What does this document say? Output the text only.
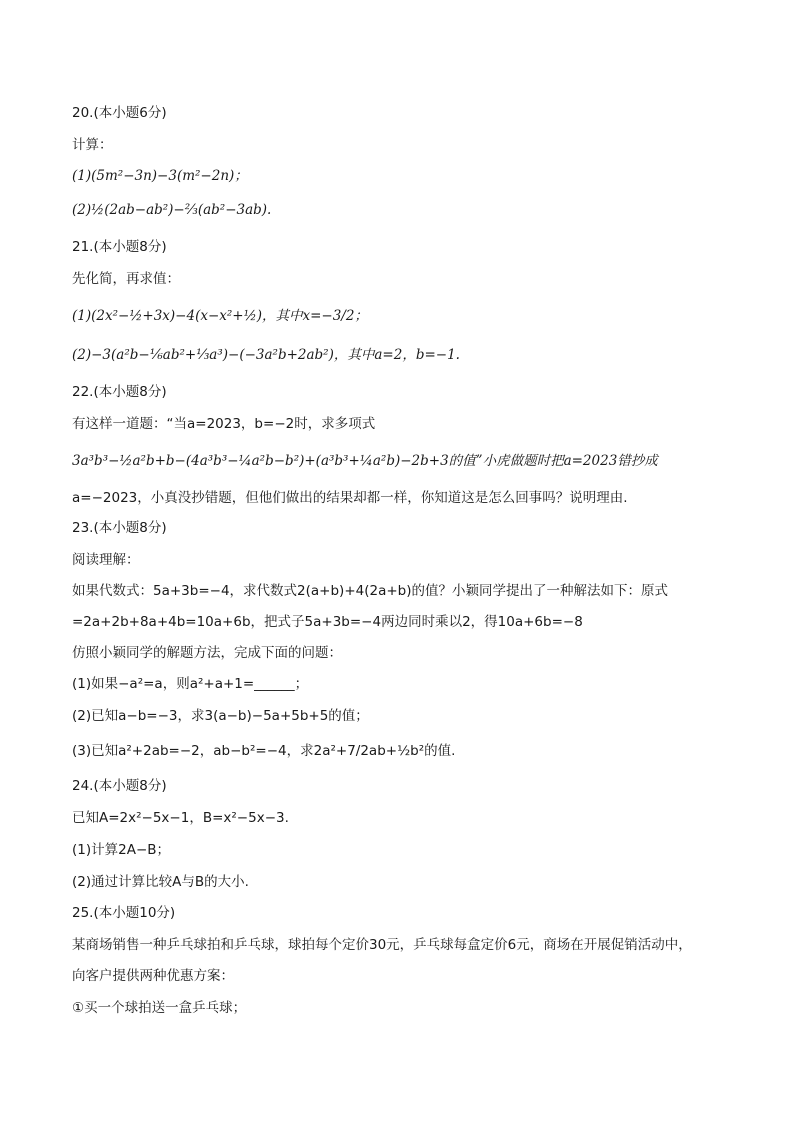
20.(本小题6分)
计算：
(1)(5m²−3n)−3(m²−2n)；
(2)½(2ab−ab²)−⅔(ab²−3ab).
21.(本小题8分)
先化简，再求值：
(1)(2x²−½+3x)−4(x−x²+½)，其中x=−3/2；
(2)−3(a²b−⅙ab²+⅓a³)−(−3a²b+2ab²)，其中a=2，b=−1.
22.(本小题8分)
有这样一道题：“当a=2023，b=−2时，求多项式
3a³b³−½a²b+b−(4a³b³−¼a²b−b²)+(a³b³+¼a²b)−2b+3的值”小虎做题时把a=2023错抄成
a=−2023，小真没抄错题，但他们做出的结果却都一样，你知道这是怎么回事吗？说明理由.
23.(本小题8分)
阅读理解：
如果代数式：5a+3b=−4，求代数式2(a+b)+4(2a+b)的值？小颖同学提出了一种解法如下：原式
=2a+2b+8a+4b=10a+6b，把式子5a+3b=−4两边同时乘以2，得10a+6b=−8
仿照小颖同学的解题方法，完成下面的问题：
(1)如果−a²=a，则a²+a+1=______；
(2)已知a−b=−3，求3(a−b)−5a+5b+5的值；
(3)已知a²+2ab=−2，ab−b²=−4，求2a²+7/2ab+½b²的值.
24.(本小题8分)
已知A=2x²−5x−1，B=x²−5x−3.
(1)计算2A−B；
(2)通过计算比较A与B的大小.
25.(本小题10分)
某商场销售一种乒乓球拍和乒乓球，球拍每个定价30元，乒乓球每盒定价6元，商场在开展促销活动中，
向客户提供两种优惠方案：
①买一个球拍送一盒乒乓球；
